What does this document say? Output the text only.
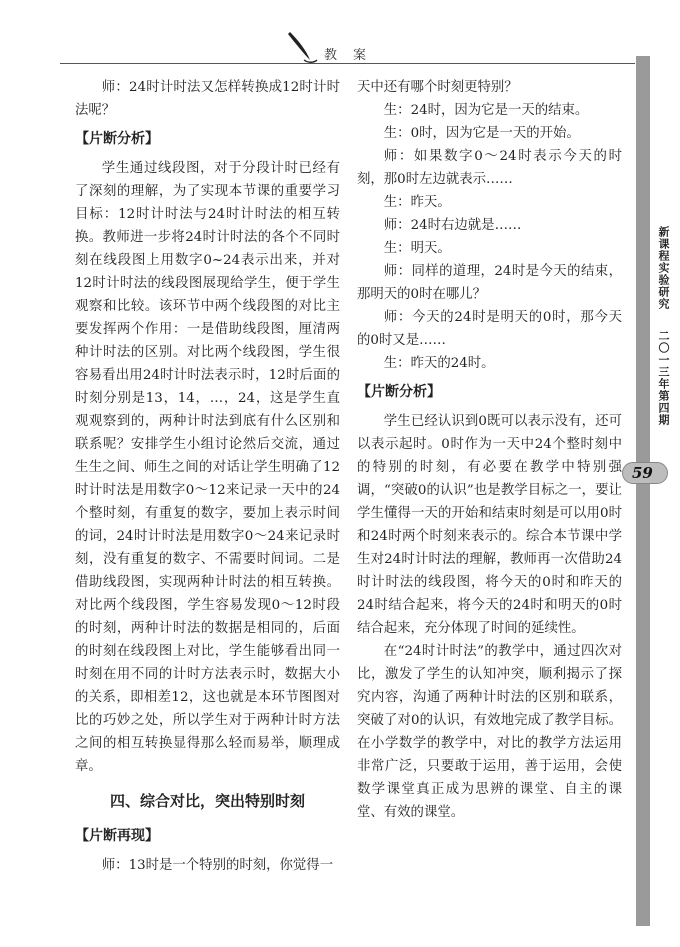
教案
新课程实验研究
二〇一三年第四期
59

师：24时计时法又怎样转换成12时计时法呢？

【片断分析】

学生通过线段图，对于分段计时已经有了深刻的理解，为了实现本节课的重要学习目标：12时计时法与24时计时法的相互转换。教师进一步将24时计时法的各个不同时刻在线段图上用数字0~24表示出来，并对12时计时法的线段图展现给学生，便于学生观察和比较。该环节中两个线段图的对比主要发挥两个作用：一是借助线段图，厘清两种计时法的区别。对比两个线段图，学生很容易看出用24时计时法表示时，12时后面的时刻分别是13，14，…，24，这是学生直观观察到的，两种计时法到底有什么区别和联系呢？安排学生小组讨论然后交流，通过生生之间、师生之间的对话让学生明确了12时计时法是用数字0～12来记录一天中的24个整时刻，有重复的数字，要加上表示时间的词，24时计时法是用数字0～24来记录时刻，没有重复的数字、不需要时间词。二是借助线段图，实现两种计时法的相互转换。对比两个线段图，学生容易发现0～12时段的时刻，两种计时法的数据是相同的，后面的时刻在线段图上对比，学生能够看出同一时刻在用不同的计时方法表示时，数据大小的关系，即相差12，这也就是本环节图图对比的巧妙之处，所以学生对于两种计时方法之间的相互转换显得那么轻而易举，顺理成章。

四、综合对比，突出特别时刻

【片断再现】

师：13时是一个特别的时刻，你觉得一

天中还有哪个时刻更特别？

生：24时，因为它是一天的结束。

生：0时，因为它是一天的开始。

师：如果数字0～24时表示今天的时刻，那0时左边就表示……

生：昨天。

师：24时右边就是……

生：明天。

师：同样的道理，24时是今天的结束，那明天的0时在哪儿？

师：今天的24时是明天的0时，那今天的0时又是……

生：昨天的24时。

【片断分析】

学生已经认识到0既可以表示没有，还可以表示起时。0时作为一天中24个整时刻中的特别的时刻，有必要在教学中特别强调，“突破0的认识”也是教学目标之一，要让学生懂得一天的开始和结束时刻是可以用0时和24时两个时刻来表示的。综合本节课中学生对24时计时法的理解，教师再一次借助24时计时法的线段图，将今天的0时和昨天的24时结合起来，将今天的24时和明天的0时结合起来，充分体现了时间的延续性。

在“24时计时法”的教学中，通过四次对比，激发了学生的认知冲突，顺利揭示了探究内容，沟通了两种计时法的区别和联系，突破了对0的认识，有效地完成了教学目标。在小学数学的教学中，对比的教学方法运用非常广泛，只要敢于运用，善于运用，会使数学课堂真正成为思辨的课堂、自主的课堂、有效的课堂。
